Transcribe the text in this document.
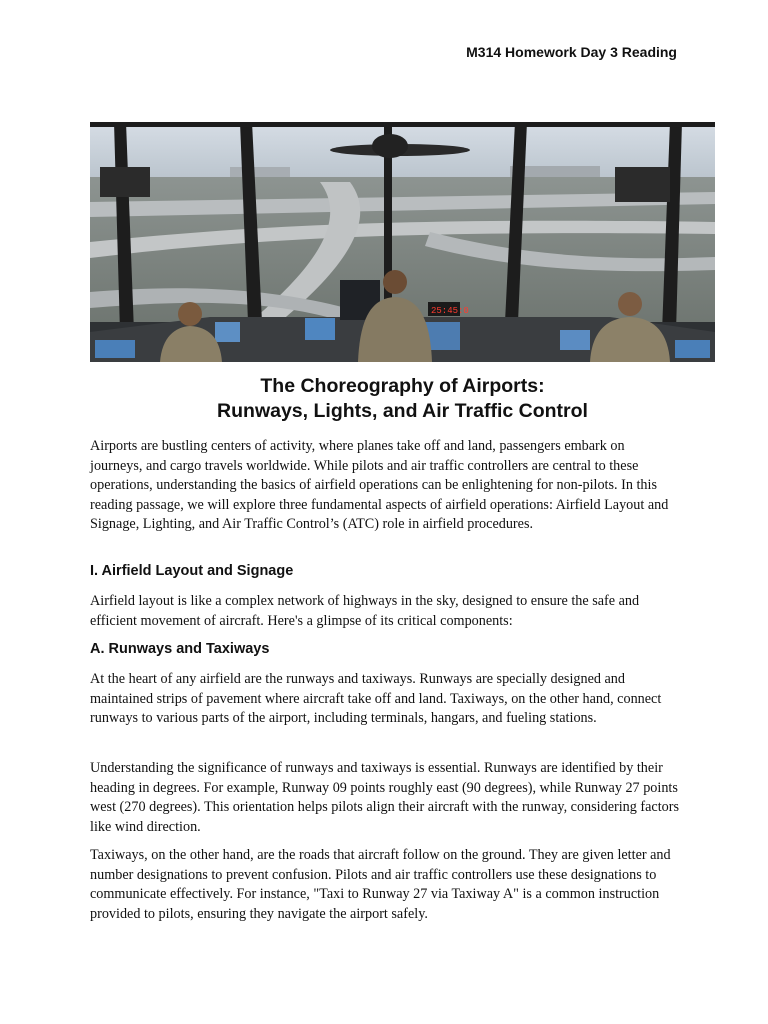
M314 Homework Day 3 Reading
25:45:0
The Choreography of Airports:
Runways, Lights, and Air Traffic Control

Airports are bustling centers of activity, where planes take off and land, passengers embark on journeys, and cargo travels worldwide. While pilots and air traffic controllers are central to these operations, understanding the basics of airfield operations can be enlightening for non-pilots. In this reading passage, we will explore three fundamental aspects of airfield operations: Airfield Layout and Signage, Lighting, and Air Traffic Control’s (ATC) role in airfield procedures.

I. Airfield Layout and Signage

Airfield layout is like a complex network of highways in the sky, designed to ensure the safe and efficient movement of aircraft. Here's a glimpse of its critical components:

A. Runways and Taxiways

At the heart of any airfield are the runways and taxiways. Runways are specially designed and maintained strips of pavement where aircraft take off and land. Taxiways, on the other hand, connect runways to various parts of the airport, including terminals, hangars, and fueling stations.

Understanding the significance of runways and taxiways is essential. Runways are identified by their heading in degrees. For example, Runway 09 points roughly east (90 degrees), while Runway 27 points west (270 degrees). This orientation helps pilots align their aircraft with the runway, considering factors like wind direction.

Taxiways, on the other hand, are the roads that aircraft follow on the ground. They are given letter and number designations to prevent confusion. Pilots and air traffic controllers use these designations to communicate effectively. For instance, "Taxi to Runway 27 via Taxiway A" is a common instruction provided to pilots, ensuring they navigate the airport safely.
